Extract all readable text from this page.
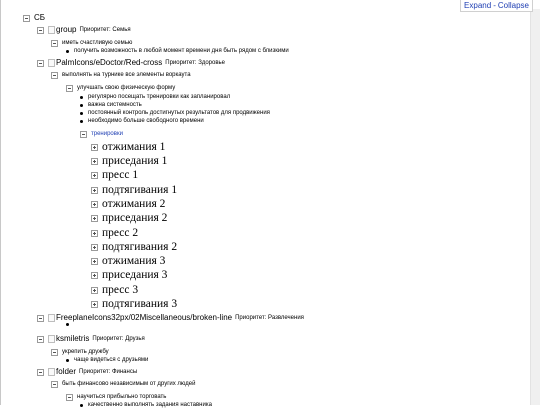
Expand - Collapse
СБ
group Приоритет: Семья
иметь счастливую семью
получить возможность в любой момент времени дня быть рядом с близкими
PalmIcons/eDoctor/Red-cross Приоритет: Здоровье
выполнять на турнике все элементы воркаута
улучшать свою физическую форму
регулярно посещать тренировки как запланировал
важна системность
постоянный контроль достигнутых результатов для продвижения
необходимо больше свободного времени
тренировки
отжимания 1
приседания 1
пресс 1
подтягивания 1
отжимания 2
приседания 2
пресс 2
подтягивания 2
отжимания 3
приседания 3
пресс 3
подтягивания 3
FreeplaneIcons32px/02Miscellaneous/broken-line Приоритет: Развлечения
ksmiletris Приоритет: Друзья
укрепить дружбу
чаще видеться с друзьями
folder Приоритет: Финансы
быть финансово независимым от других людей
научиться прибыльно торговать
качественно выполнять задания наставника
